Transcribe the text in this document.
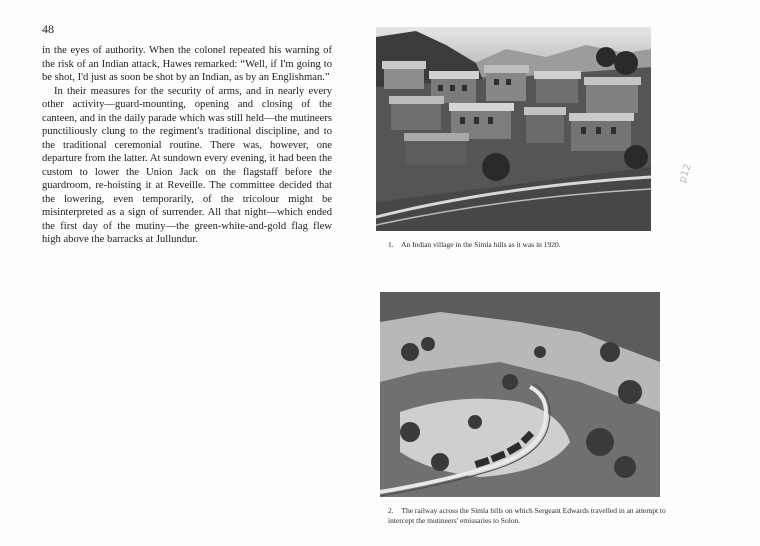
48

in the eyes of authority. When the colonel repeated his warning of the risk of an Indian attack, Hawes remarked: “Well, if I'm going to be shot, I'd just as soon be shot by an Indian, as by an Englishman.”

In their measures for the security of arms, and in nearly every other activity—guard-mounting, opening and closing of the canteen, and in the daily parade which was still held—the mutineers punctiliously clung to the regiment's traditional discipline, and to the traditional ceremonial routine. There was, however, one departure from the latter. At sundown every evening, it had been the custom to lower the Union Jack on the flagstaff before the guardroom, re-hoisting it at Reveille. The committee decided that the lowering, even temporarily, of the tricolour might be misinterpreted as a sign of surrender. All that night—which ended the first day of the mutiny—the green-white-and-gold flag flew high above the barracks at Jullundur.	1. An Indian village in the Simla hills as it was in 1920.
p12
2. The railway across the Simla hills on which Sergeant Edwards travelled in an attempt to intercept the mutineers' emissaries to Solon.
